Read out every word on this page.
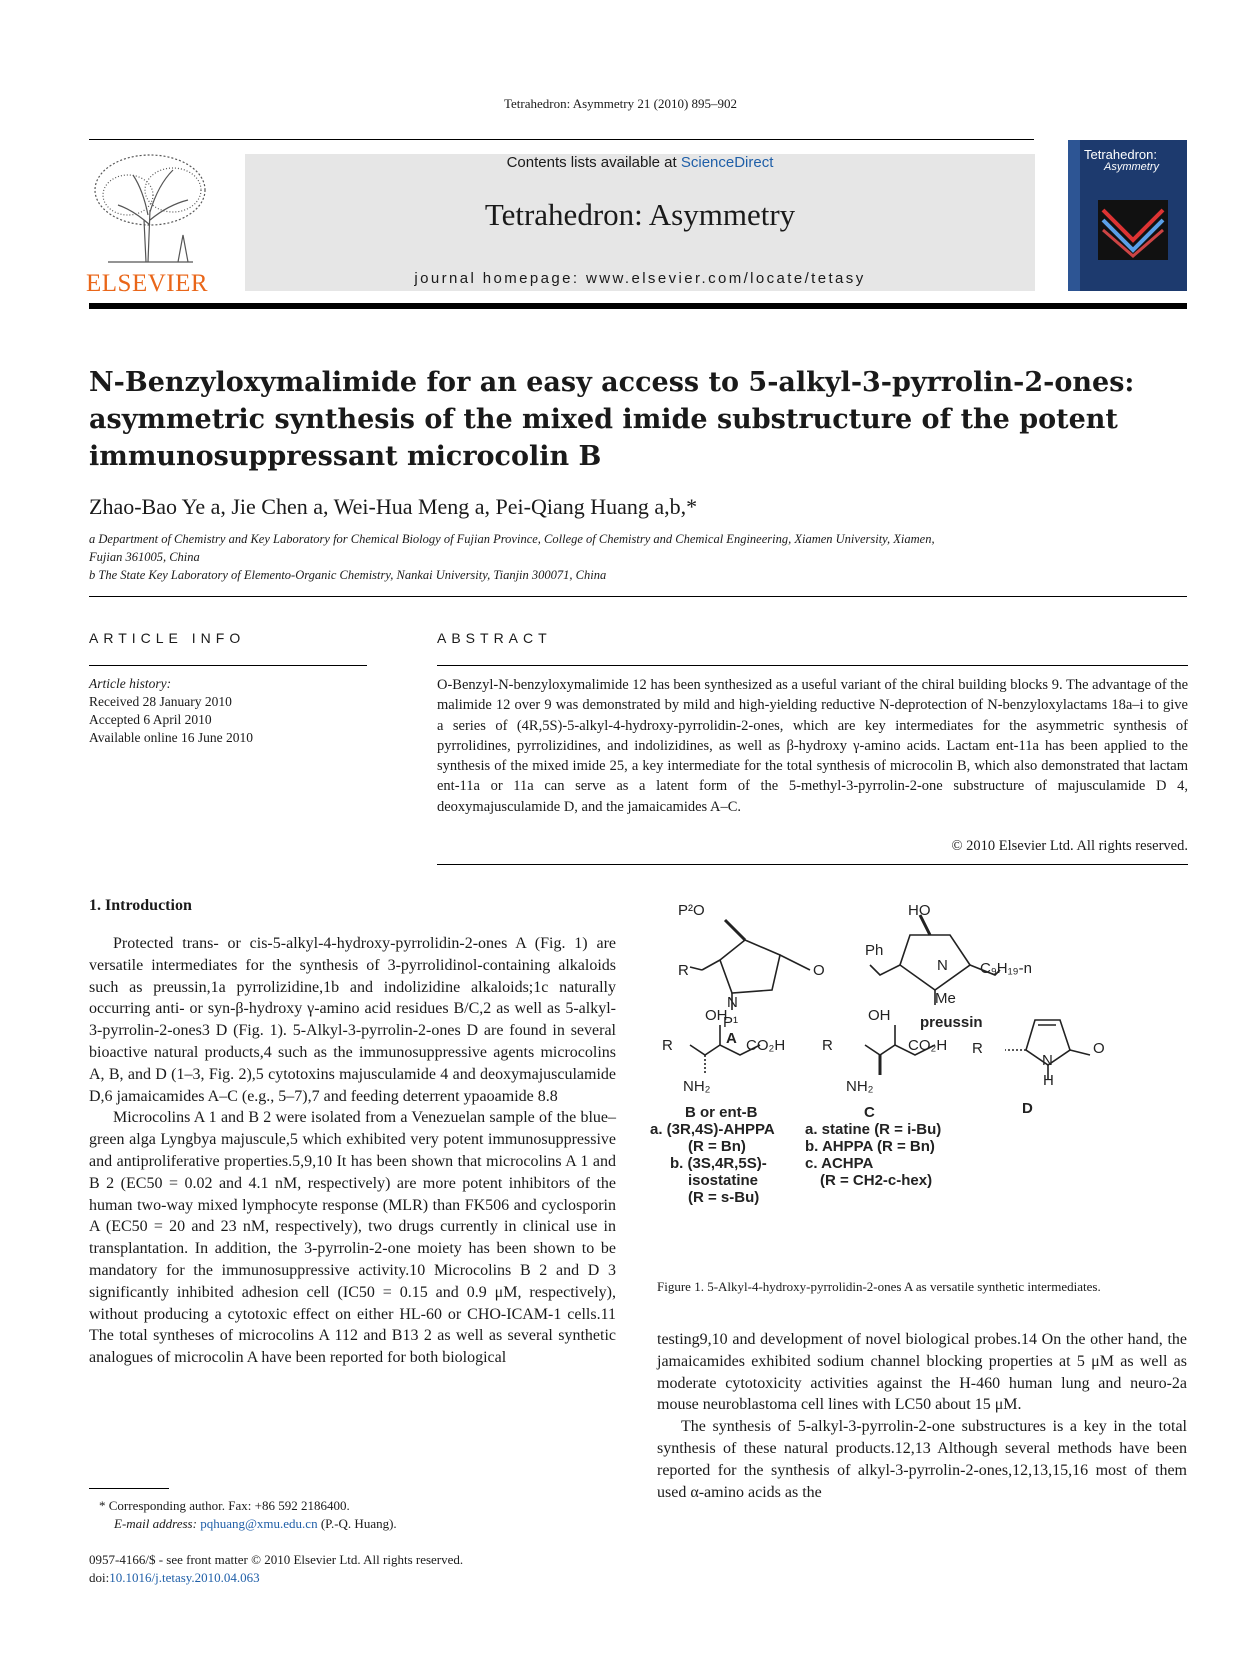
Tetrahedron: Asymmetry 21 (2010) 895–902
ELSEVIER
Contents lists available at ScienceDirect
Tetrahedron: Asymmetry
journal homepage: www.elsevier.com/locate/tetasy
Tetrahedron:
Asymmetry
N-Benzyloxymalimide for an easy access to 5-alkyl-3-pyrrolin-2-ones:
asymmetric synthesis of the mixed imide substructure of the potent
immunosuppressant microcolin B
Zhao-Bao Ye a, Jie Chen a, Wei-Hua Meng a, Pei-Qiang Huang a,b,*
a Department of Chemistry and Key Laboratory for Chemical Biology of Fujian Province, College of Chemistry and Chemical Engineering, Xiamen University, Xiamen,
Fujian 361005, China
b The State Key Laboratory of Elemento-Organic Chemistry, Nankai University, Tianjin 300071, China
ARTICLE INFO
Article history:
Received 28 January 2010
Accepted 6 April 2010
Available online 16 June 2010
ABSTRACT
O-Benzyl-N-benzyloxymalimide 12 has been synthesized as a useful variant of the chiral building blocks 9. The advantage of the malimide 12 over 9 was demonstrated by mild and high-yielding reductive N-deprotection of N-benzyloxylactams 18a–i to give a series of (4R,5S)-5-alkyl-4-hydroxy-pyrrolidin-2-ones, which are key intermediates for the asymmetric synthesis of pyrrolidines, pyrrolizidines, and indolizidines, as well as β-hydroxy γ-amino acids. Lactam ent-11a has been applied to the synthesis of the mixed imide 25, a key intermediate for the total synthesis of microcolin B, which also demonstrated that lactam ent-11a or 11a can serve as a latent form of the 5-methyl-3-pyrrolin-2-one substructure of majusculamide D 4, deoxymajusculamide D, and the jamaicamides A–C.
© 2010 Elsevier Ltd. All rights reserved.
1. Introduction

Protected trans- or cis-5-alkyl-4-hydroxy-pyrrolidin-2-ones A (Fig. 1) are versatile intermediates for the synthesis of 3-pyrrolidinol-containing alkaloids such as preussin,1a pyrrolizidine,1b and indolizidine alkaloids;1c naturally occurring anti- or syn-β-hydroxy γ-amino acid residues B/C,2 as well as 5-alkyl-3-pyrrolin-2-ones3 D (Fig. 1). 5-Alkyl-3-pyrrolin-2-ones D are found in several bioactive natural products,4 such as the immunosuppressive agents microcolins A, B, and D (1–3, Fig. 2),5 cytotoxins majusculamide 4 and deoxymajusculamide D,6 jamaicamides A–C (e.g., 5–7),7 and feeding deterrent ypaoamide 8.8

Microcolins A 1 and B 2 were isolated from a Venezuelan sample of the blue–green alga Lyngbya majuscule,5 which exhibited very potent immunosuppressive and antiproliferative properties.5,9,10 It has been shown that microcolins A 1 and B 2 (EC50 = 0.02 and 4.1 nM, respectively) are more potent inhibitors of the human two-way mixed lymphocyte response (MLR) than FK506 and cyclosporin A (EC50 = 20 and 23 nM, respectively), two drugs currently in clinical use in transplantation. In addition, the 3-pyrrolin-2-one moiety has been shown to be mandatory for the immunosuppressive activity.10 Microcolins B 2 and D 3 significantly inhibited adhesion cell (IC50 = 0.15 and 0.9 μM, respectively), without producing a cytotoxic effect on either HL-60 or CHO-ICAM-1 cells.11 The total syntheses of microcolins A 112 and B13 2 as well as several synthetic analogues of microcolin A have been reported for both biological

P²O
O
R
N
P¹
HO
Ph
N
Me
C₉H₁₉-n
OH
R	CO₂H
NH₂
OH
R	CO₂H
NH₂
R	O
N
H
A
preussin
B or ent-B	C	D
a. (3R,4S)-AHPPA
(R = Bn)
b. (3S,4R,5S)-
isostatine
(R = s-Bu)
a. statine (R = i-Bu)
b. AHPPA (R = Bn)
c. ACHPA
(R = CH2-c-hex)
Figure 1. 5-Alkyl-4-hydroxy-pyrrolidin-2-ones A as versatile synthetic intermediates.

testing9,10 and development of novel biological probes.14 On the other hand, the jamaicamides exhibited sodium channel blocking properties at 5 μM as well as moderate cytotoxicity activities against the H-460 human lung and neuro-2a mouse neuroblastoma cell lines with LC50 about 15 μM.

The synthesis of 5-alkyl-3-pyrrolin-2-one substructures is a key in the total synthesis of these natural products.12,13 Although several methods have been reported for the synthesis of alkyl-3-pyrrolin-2-ones,12,13,15,16 most of them used α-amino acids as the

* Corresponding author. Fax: +86 592 2186400.
E-mail address: pqhuang@xmu.edu.cn (P.-Q. Huang).
0957-4166/$ - see front matter © 2010 Elsevier Ltd. All rights reserved.
doi:10.1016/j.tetasy.2010.04.063
